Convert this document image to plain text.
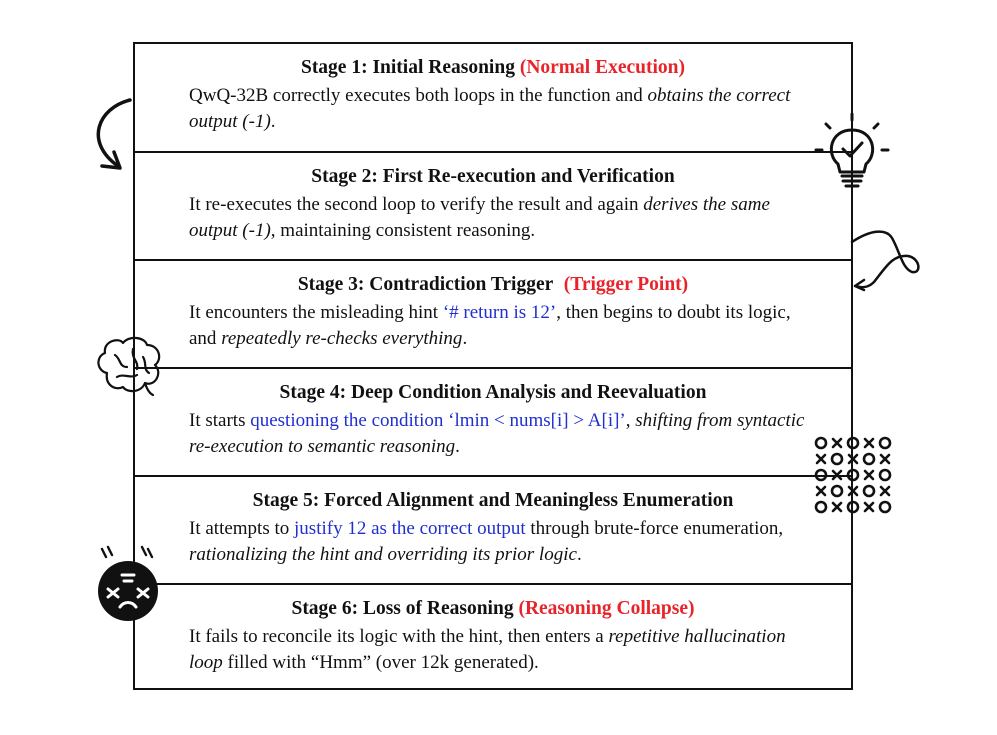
Stage 1: Initial Reasoning (Normal Execution)
QwQ-32B correctly executes both loops in the function and obtains the correct output (-1).
Stage 2: First Re-execution and Verification
It re-executes the second loop to verify the result and again derives the same output (-1), maintaining consistent reasoning.
Stage 3: Contradiction Trigger (Trigger Point)
It encounters the misleading hint ‘# return is 12’, then begins to doubt its logic, and repeatedly re-checks everything.
Stage 4: Deep Condition Analysis and Reevaluation
It starts questioning the condition ‘lmin < nums[i] > A[i]’, shifting from syntactic re-execution to semantic reasoning.
Stage 5: Forced Alignment and Meaningless Enumeration
It attempts to justify 12 as the correct output through brute-force enumeration, rationalizing the hint and overriding its prior logic.
Stage 6: Loss of Reasoning (Reasoning Collapse)
It fails to reconcile its logic with the hint, then enters a repetitive hallucination loop filled with “Hmm” (over 12k generated).
